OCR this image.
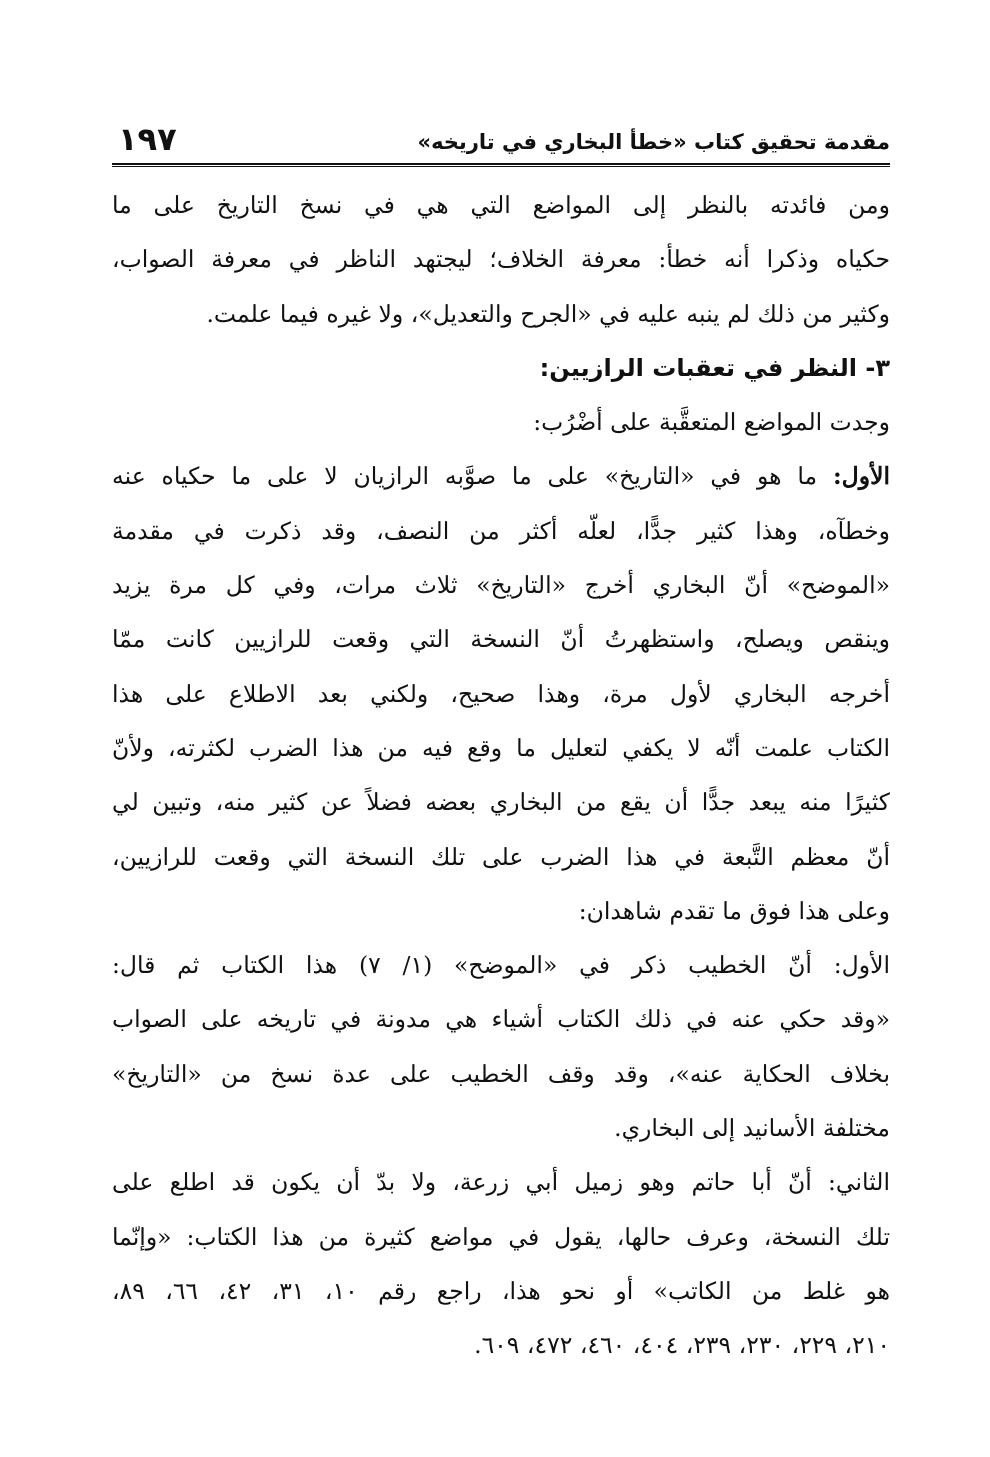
مقدمة تحقيق كتاب «خطأ البخاري في تاريخه»
١٩٧
ومن فائدته بالنظر إلى المواضع التي هي في نسخ التاريخ على ما
حكياه وذكرا أنه خطأ: معرفة الخلاف؛ ليجتهد الناظر في معرفة الصواب،
وكثير من ذلك لم ينبه عليه في «الجرح والتعديل»، ولا غيره فيما علمت.
٣- النظر في تعقبات الرازيين:
وجدت المواضع المتعقَّبة على أضْرُب:
الأول: ما هو في «التاريخ» على ما صوَّبه الرازيان لا على ما حكياه عنه
وخطآه، وهذا كثير جدًّا، لعلّه أكثر من النصف، وقد ذكرت في مقدمة
«الموضح» أنّ البخاري أخرج «التاريخ» ثلاث مرات، وفي كل مرة يزيد
وينقص ويصلح، واستظهرتُ أنّ النسخة التي وقعت للرازيين كانت ممّا
أخرجه البخاري لأول مرة، وهذا صحيح، ولكني بعد الاطلاع على هذا
الكتاب علمت أنّه لا يكفي لتعليل ما وقع فيه من هذا الضرب لكثرته، ولأنّ
كثيرًا منه يبعد جدًّا أن يقع من البخاري بعضه فضلاً عن كثير منه، وتبين لي
أنّ معظم التَّبعة في هذا الضرب على تلك النسخة التي وقعت للرازيين،
وعلى هذا فوق ما تقدم شاهدان:
الأول: أنّ الخطيب ذكر في «الموضح» (١/ ٧) هذا الكتاب ثم قال:
«وقد حكي عنه في ذلك الكتاب أشياء هي مدونة في تاريخه على الصواب
بخلاف الحكاية عنه»، وقد وقف الخطيب على عدة نسخ من «التاريخ»
مختلفة الأسانيد إلى البخاري.
الثاني: أنّ أبا حاتم وهو زميل أبي زرعة، ولا بدّ أن يكون قد اطلع على
تلك النسخة، وعرف حالها، يقول في مواضع كثيرة من هذا الكتاب: «وإنّما
هو غلط من الكاتب» أو نحو هذا، راجع رقم ١٠، ٣١، ٤٢، ٦٦، ٨٩،
٢١٠، ٢٢٩، ٢٣٠، ٢٣٩، ٤٠٤، ٤٦٠، ٤٧٢، ٦٠٩.
